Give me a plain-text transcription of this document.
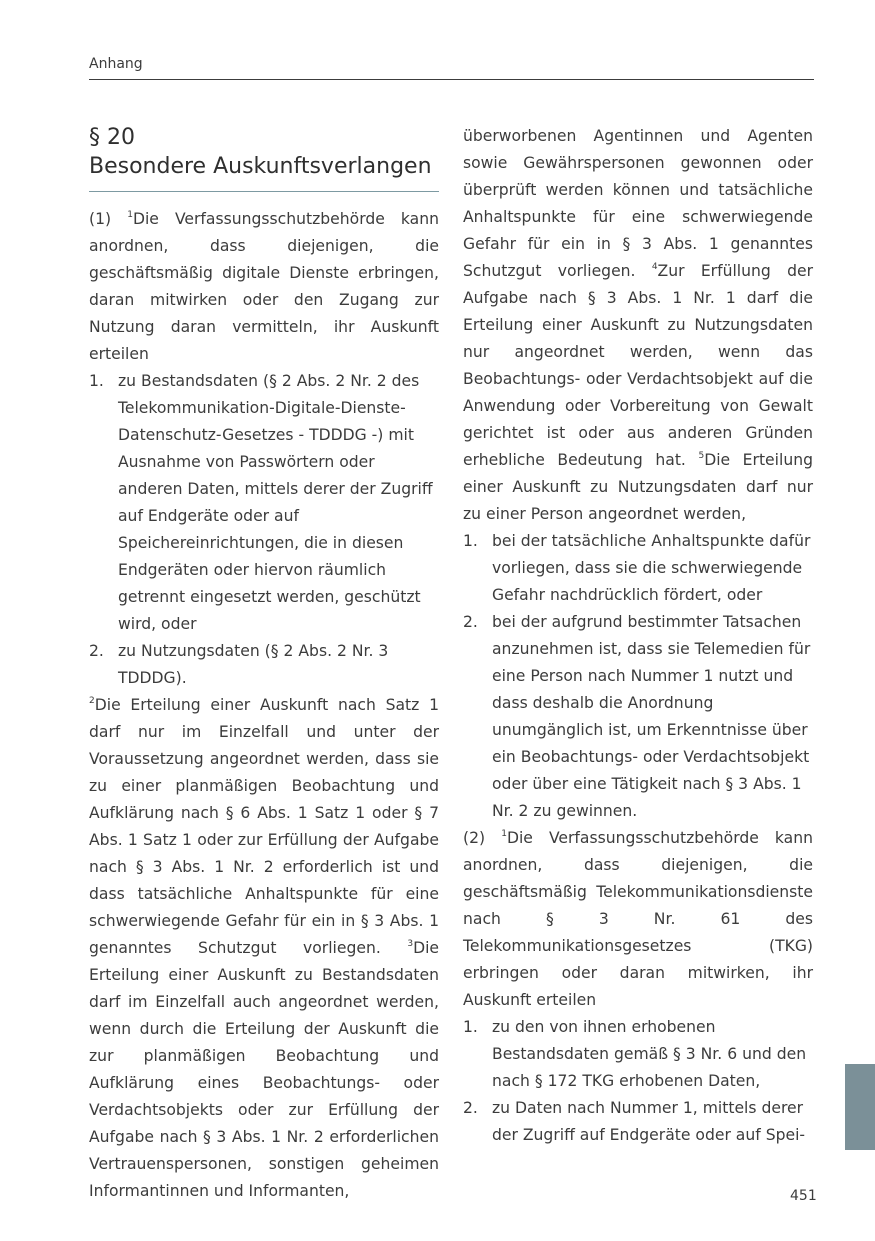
Anhang
§ 20
Besondere Auskunftsverlangen

(1) $^1$Die Verfassungsschutzbehörde kann anordnen, dass diejenigen, die geschäftsmäßig digitale Dienste erbringen, daran mitwirken oder den Zugang zur Nutzung daran vermitteln, ihr Auskunft erteilen

1. zu Bestandsdaten (§ 2 Abs. 2 Nr. 2 des Telekommunikation-Digitale-Dienste-Datenschutz-Gesetzes - TDDDG -) mit Ausnahme von Passwörtern oder anderen Daten, mittels derer der Zugriff auf Endgeräte oder auf Speichereinrichtungen, die in diesen Endgeräten oder hiervon räumlich getrennt eingesetzt werden, geschützt wird, oder
2. zu Nutzungsdaten (§ 2 Abs. 2 Nr. 3 TDDDG).

$^2$Die Erteilung einer Auskunft nach Satz 1 darf nur im Einzelfall und unter der Voraussetzung angeordnet werden, dass sie zu einer planmäßigen Beobachtung und Aufklärung nach § 6 Abs. 1 Satz 1 oder § 7 Abs. 1 Satz 1 oder zur Erfüllung der Aufgabe nach § 3 Abs. 1 Nr. 2 erforderlich ist und dass tatsächliche Anhaltspunkte für eine schwerwiegende Gefahr für ein in § 3 Abs. 1 genanntes Schutzgut vorliegen. $^3$Die Erteilung einer Auskunft zu Bestandsdaten darf im Einzelfall auch angeordnet werden, wenn durch die Erteilung der Auskunft die zur planmäßigen Beobachtung und Aufklärung eines Beobachtungs- oder Verdachtsobjekts oder zur Erfüllung der Aufgabe nach § 3 Abs. 1 Nr. 2 erforderlichen Vertrauenspersonen, sonstigen geheimen Informantinnen und Informanten,

überworbenen Agentinnen und Agenten sowie Gewährspersonen gewonnen oder überprüft werden können und tatsächliche Anhaltspunkte für eine schwerwiegende Gefahr für ein in § 3 Abs. 1 genanntes Schutzgut vorliegen. $^4$Zur Erfüllung der Aufgabe nach § 3 Abs. 1 Nr. 1 darf die Erteilung einer Auskunft zu Nutzungsdaten nur angeordnet werden, wenn das Beobachtungs- oder Verdachtsobjekt auf die Anwendung oder Vorbereitung von Gewalt gerichtet ist oder aus anderen Gründen erhebliche Bedeutung hat. $^5$Die Erteilung einer Auskunft zu Nutzungsdaten darf nur zu einer Person angeordnet werden,

1. bei der tatsächliche Anhaltspunkte dafür vorliegen, dass sie die schwerwiegende Gefahr nachdrücklich fördert, oder
2. bei der aufgrund bestimmter Tatsachen anzunehmen ist, dass sie Telemedien für eine Person nach Nummer 1 nutzt und dass deshalb die Anordnung unumgänglich ist, um Erkenntnisse über ein Beobachtungs- oder Verdachtsobjekt oder über eine Tätigkeit nach § 3 Abs. 1 Nr. 2 zu gewinnen.

(2) $^1$Die Verfassungsschutzbehörde kann anordnen, dass diejenigen, die geschäftsmäßig Telekommunikationsdienste nach § 3 Nr. 61 des Telekommunikationsgesetzes (TKG) erbringen oder daran mitwirken, ihr Auskunft erteilen

1. zu den von ihnen erhobenen Bestandsdaten gemäß § 3 Nr. 6 und den nach § 172 TKG erhobenen Daten,
2. zu Daten nach Nummer 1, mittels derer der Zugriff auf Endgeräte oder auf Spei-
451
